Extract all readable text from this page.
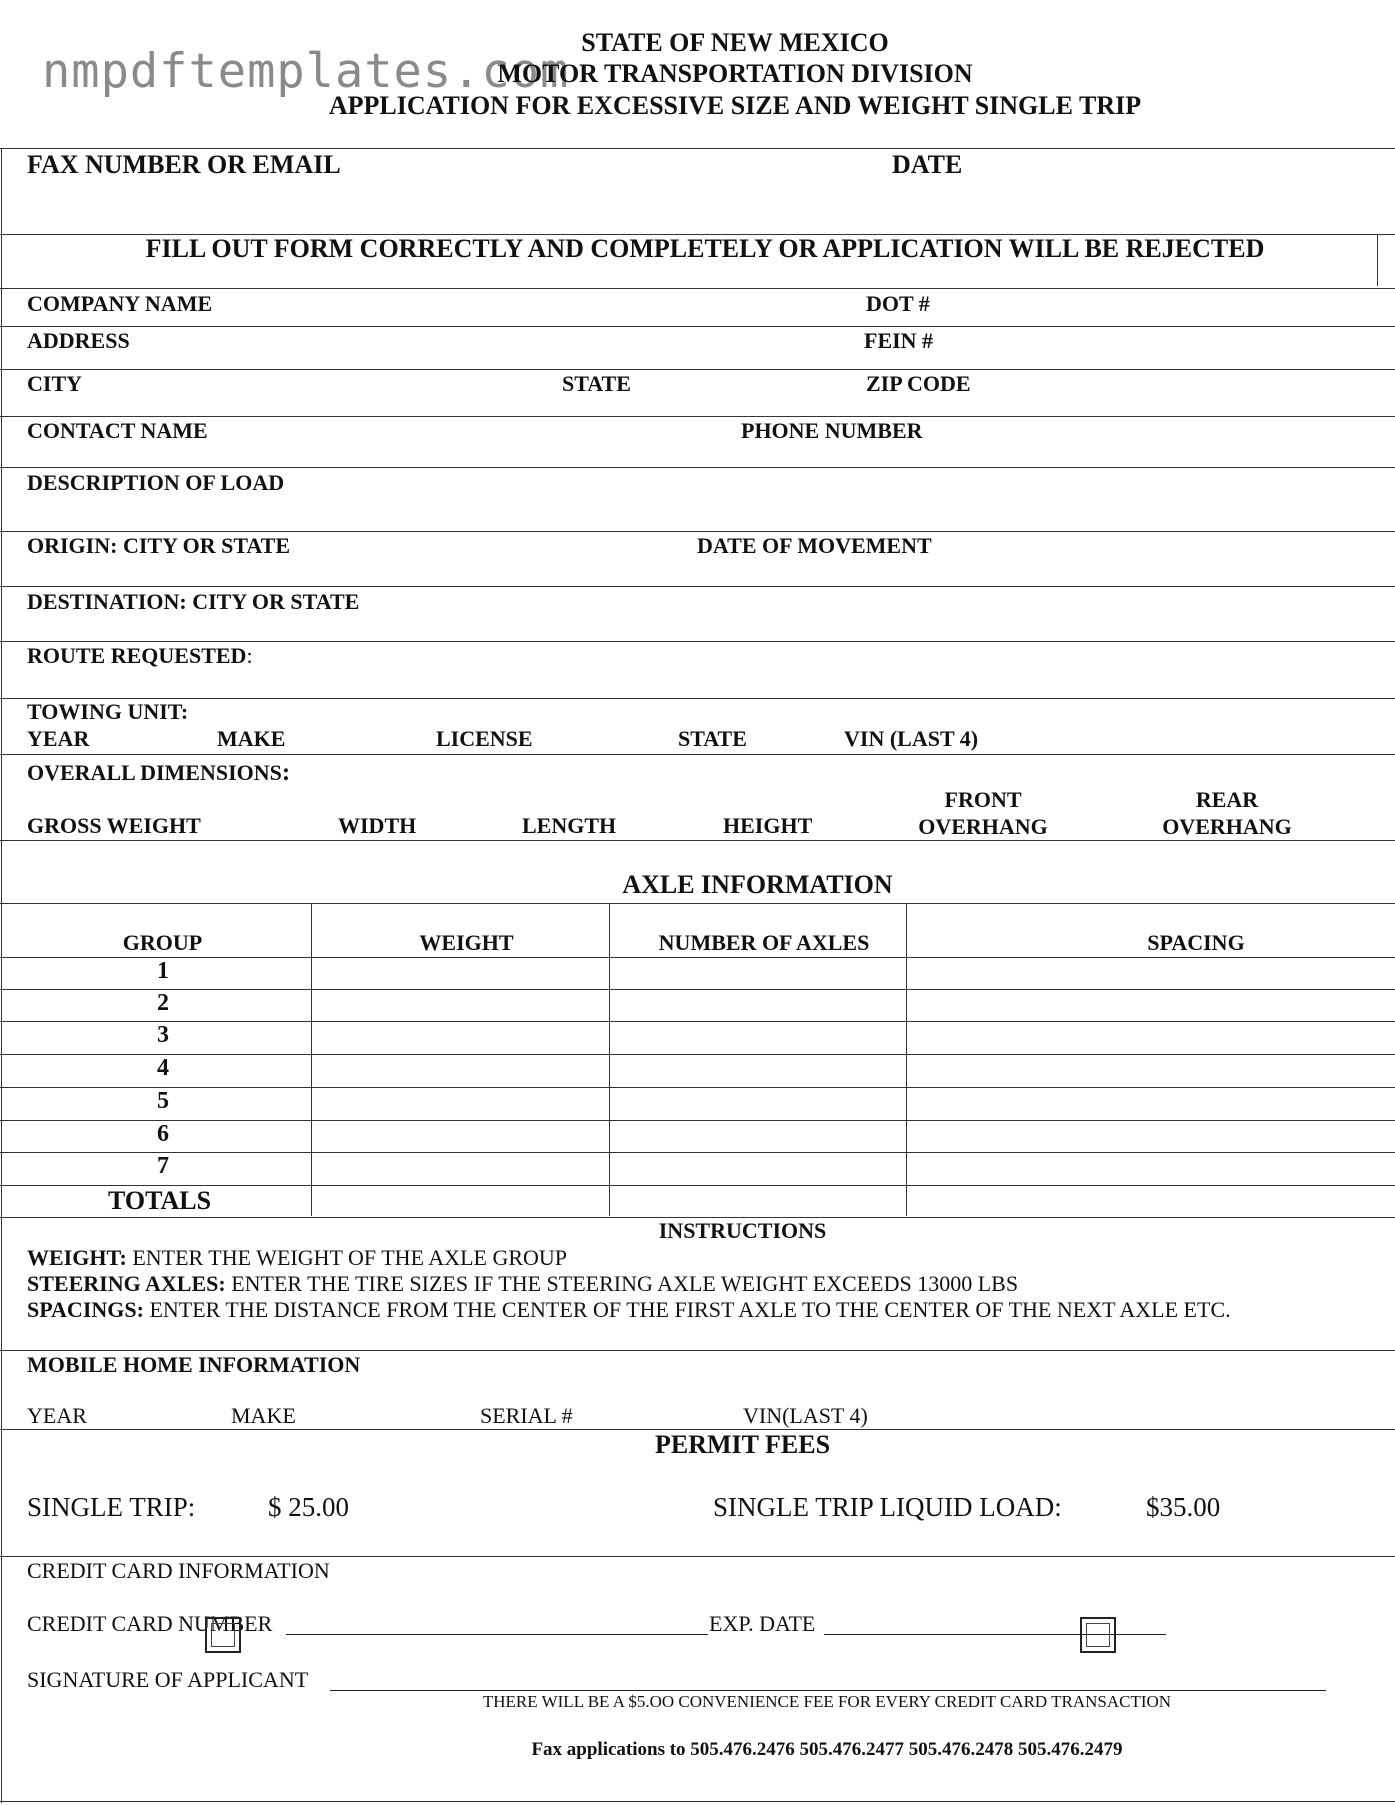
nmpdftemplates.com
STATE OF NEW MEXICO
MOTOR TRANSPORTATION DIVISION
APPLICATION FOR EXCESSIVE SIZE AND WEIGHT SINGLE TRIP
FAX NUMBER OR EMAIL	DATE
FILL OUT FORM CORRECTLY AND COMPLETELY OR APPLICATION WILL BE REJECTED
COMPANY NAME	DOT #
ADDRESS	FEIN #
CITY	STATE	ZIP CODE
CONTACT NAME	PHONE NUMBER
DESCRIPTION OF LOAD
ORIGIN: CITY OR STATE	DATE OF MOVEMENT
DESTINATION: CITY OR STATE
ROUTE REQUESTED:
TOWING UNIT:
YEAR	MAKE	LICENSE	STATE	VIN (LAST 4)
OVERALL DIMENSIONS:
GROSS WEIGHT	WIDTH	LENGTH	HEIGHT
FRONT
OVERHANG
REAR
OVERHANG
AXLE INFORMATION
GROUP	WEIGHT	NUMBER OF AXLES	SPACING
1
2
3
4
5
6
7
TOTALS
INSTRUCTIONS
WEIGHT: ENTER THE WEIGHT OF THE AXLE GROUP
STEERING AXLES: ENTER THE TIRE SIZES IF THE STEERING AXLE WEIGHT EXCEEDS 13000 LBS
SPACINGS: ENTER THE DISTANCE FROM THE CENTER OF THE FIRST AXLE TO THE CENTER OF THE NEXT AXLE ETC.
MOBILE HOME INFORMATION
YEAR	MAKE	SERIAL #	VIN(LAST 4)
PERMIT FEES
SINGLE TRIP:	$ 25.00	SINGLE TRIP LIQUID LOAD:	$35.00
CREDIT CARD INFORMATION
CREDIT CARD NUMBER	EXP. DATE
SIGNATURE OF APPLICANT
THERE WILL BE A $5.OO CONVENIENCE FEE FOR EVERY CREDIT CARD TRANSACTION
Fax applications to 505.476.2476 505.476.2477 505.476.2478 505.476.2479
